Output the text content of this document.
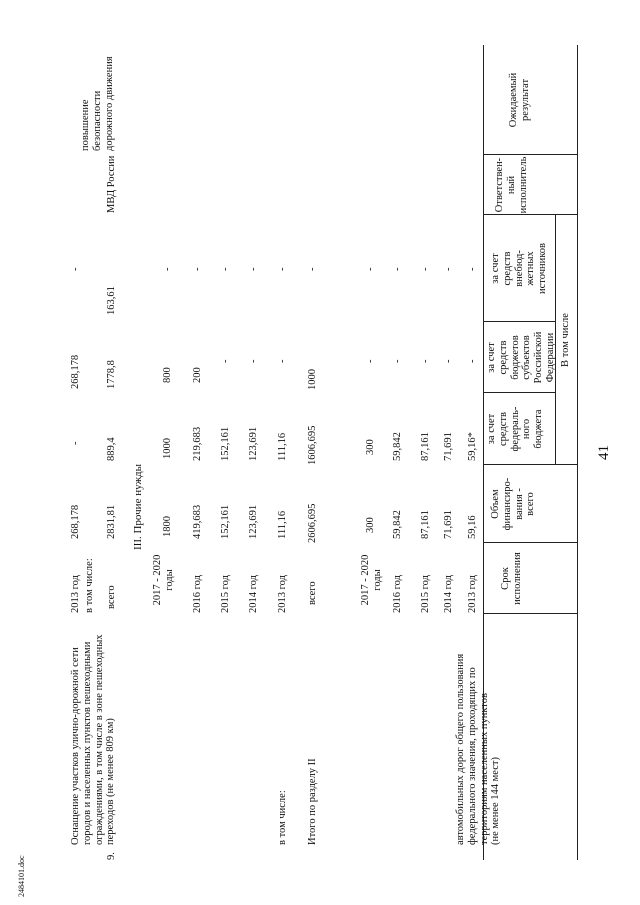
41
2484101.doc
Срок
исполнения
Объем
финансиро-
вания -
всего
В том числе
за счет
средств
федераль-
ного
бюджета
за счет
средств
бюджетов
субъектов
Российской
Федерации
за счет
средств
внебюд-
жетных
источников
Ответствен-
ный
исполнитель
Ожидаемый
результат
автомобильных дорог общего пользования федерального значения, проходящих по территориям населенных пунктов
(не менее 144 мест)
2013 год
59,16
59,16*
-
-
2014 год
71,691
71,691
-
-
2015 год
87,161
87,161
-
-
2016 год
59,842
59,842
-
-
2017 - 2020
годы
300
300
-
-
Итого по разделу II
в том числе:
всего
2606,695
1606,695
1000
-
2013 год
111,16
111,16
-
-
2014 год
123,691
123,691
-
-
2015 год
152,161
152,161
-
-
2016 год
419,683
219,683
200
-
2017 - 2020
годы
1800
1000
800
-
III. Прочие нужды
9.
Оснащение участков улично-дорожной сети городов и населенных пунктов пешеходными ограждениями, в том числе в зоне пешеходных переходов (не менее 809 км)
всего
2831,81
889,4
1778,8
163,61
МВД России
повышение
безопасности
дорожного движения
в том числе:
2013 год
268,178
-
268,178
-
